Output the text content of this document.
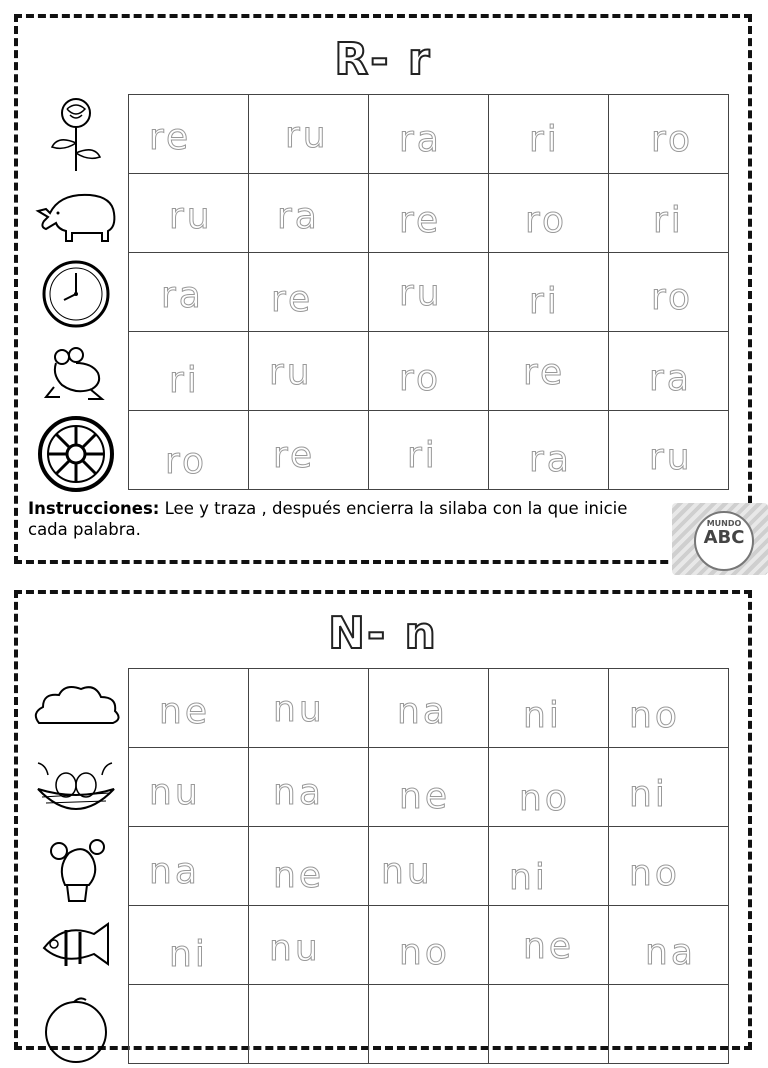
R- r
re	ru	ra	ri	ro

ru	ra	re	ro	ri

ra	re	ru	ri	ro

ri	ru	ro	re	ra

ro	re	ri	ra	ru
Instrucciones: Lee y traza , después encierra la silaba con la que inicie
cada palabra.	MUNDO
ABC
N- n
ne	nu	na	ni	no

nu	na	ne	no	ni

na	ne	nu	ni	no

ni	nu	no	ne	na
